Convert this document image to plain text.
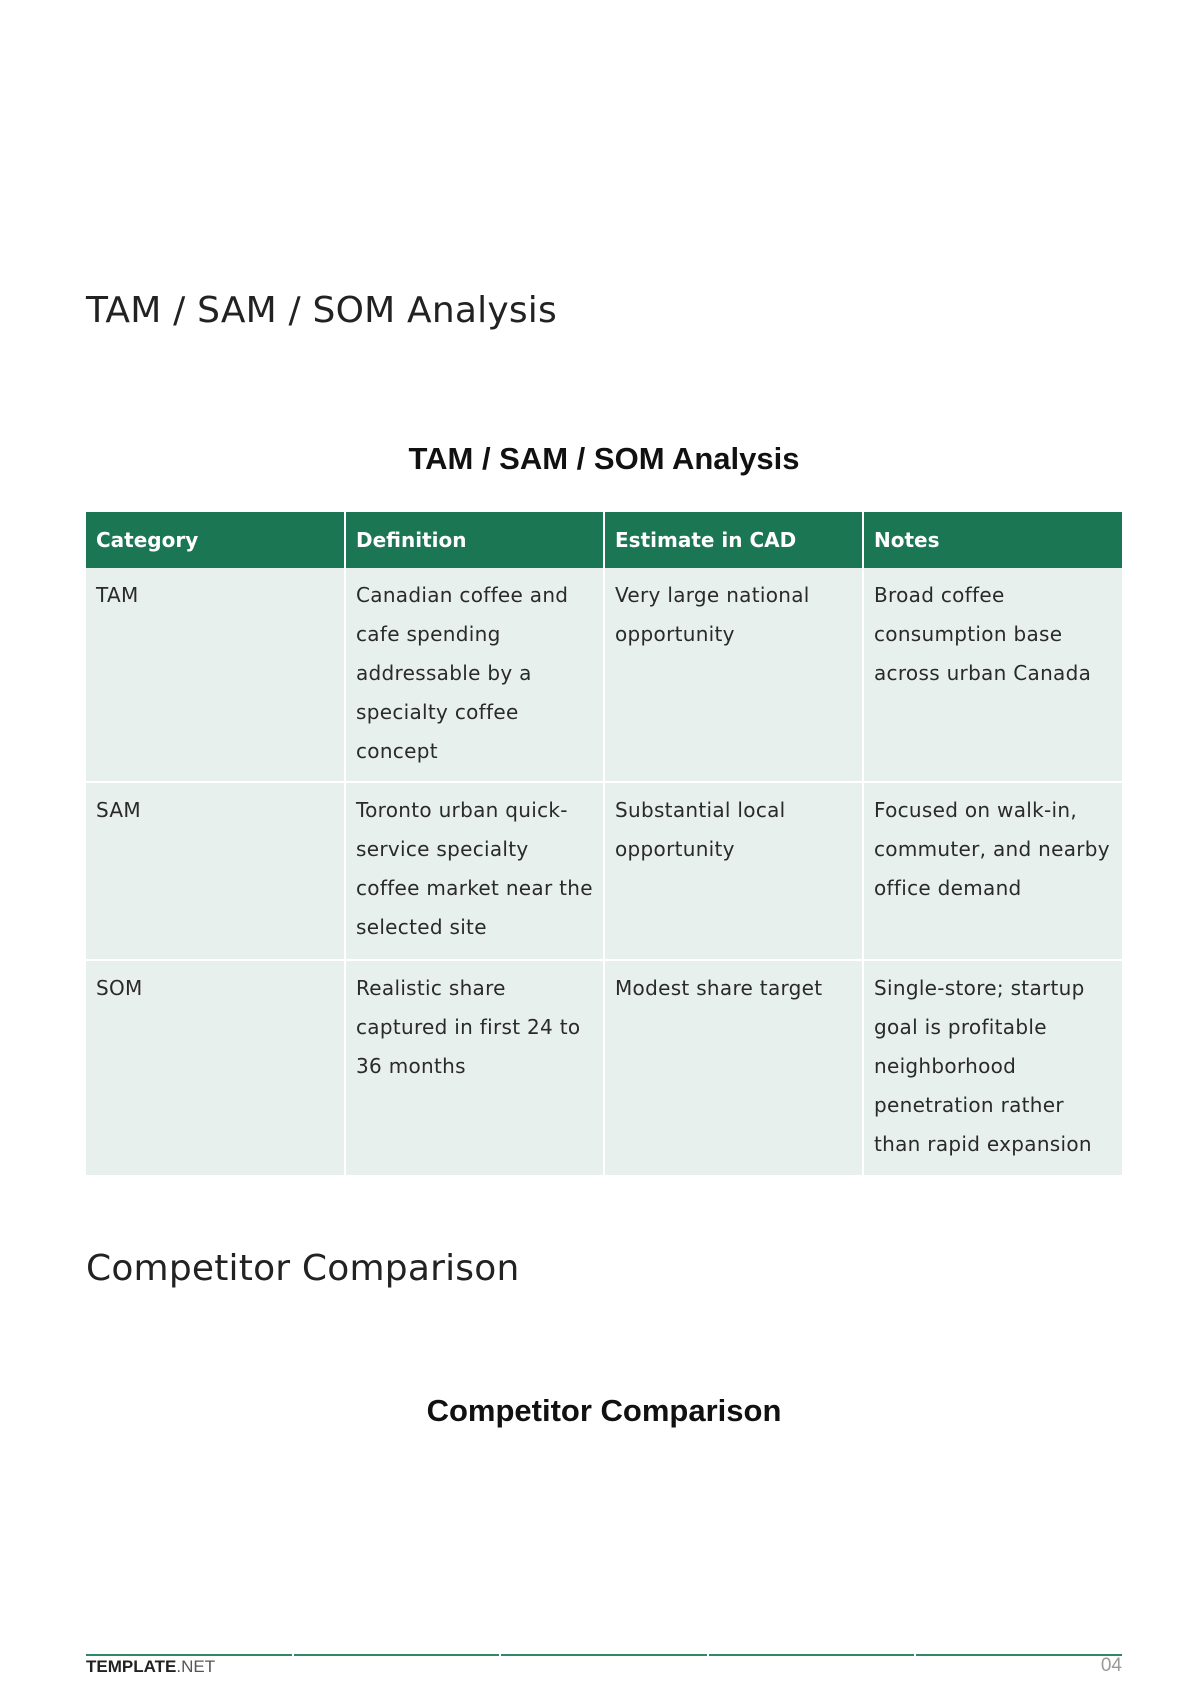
TAM / SAM / SOM Analysis
TAM / SAM / SOM Analysis
Category	Definition	Estimate in CAD	Notes

TAM	Canadian coffee and cafe spending addressable by a specialty coffee concept	Very large national opportunity	Broad coffee consumption base across urban Canada

SAM	Toronto urban quick-service specialty coffee market near the selected site	Substantial local opportunity	Focused on walk-in, commuter, and nearby office demand

SOM	Realistic share captured in first 24 to 36 months	Modest share target	Single-store; startup goal is profitable neighborhood penetration rather than rapid expansion
Competitor Comparison
Competitor Comparison
TEMPLATE.NET	04
